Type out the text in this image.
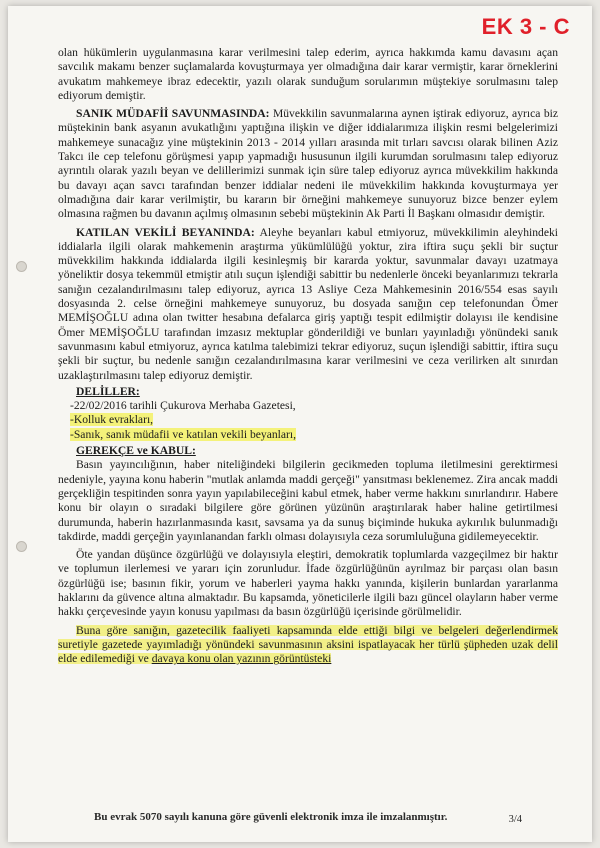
EK 3 - C

olan hükümlerin uygulanmasına karar verilmesini talep ederim, ayrıca hakkımda kamu davasını açan savcılık makamı benzer suçlamalarda kovuşturmaya yer olmadığına dair karar vermiştir, karar örneklerini avukatım mahkemeye ibraz edecektir, yazılı olarak sunduğum sorularımın müştekiye sorulmasını talep ediyorum demiştir.

SANIK MÜDAFİİ SAVUNMASINDA: Müvekkilin savunmalarına aynen iştirak ediyoruz, ayrıca biz müştekinin bank asyanın avukatlığını yaptığına ilişkin ve diğer iddialarımıza ilişkin resmi belgelerimizi mahkemeye sunacağız yine müştekinin 2013 - 2014 yılları arasında mit tırları savcısı olarak bilinen Aziz Takcı ile cep telefonu görüşmesi yapıp yapmadığı hususunun ilgili kurumdan sorulmasını talep ediyoruz ayrıntılı olarak yazılı beyan ve delillerimizi sunmak için süre talep ediyoruz ayrıca müvekkilim hakkında bu davayı açan savcı tarafından benzer iddialar nedeni ile müvekkilim hakkında kovuşturmaya yer olmadığına dair karar verilmiştir, bu kararın bir örneğini mahkemeye sunuyoruz bizce benzer eylem olmasına rağmen bu davanın açılmış olmasının sebebi müştekinin Ak Parti İl Başkanı olmasıdır demiştir.

KATILAN VEKİLİ BEYANINDA: Aleyhe beyanları kabul etmiyoruz, müvekkilimin aleyhindeki iddialarla ilgili olarak mahkemenin araştırma yükümlülüğü yoktur, zira iftira suçu şekli bir suçtur müvekkilim hakkında iddialarda ilgili kesinleşmiş bir kararda yoktur, savunmalar davayı uzatmaya yöneliktir dosya tekemmül etmiştir atılı suçun işlendiği sabittir bu nedenlerle önceki beyanlarımızı tekrarla sanığın cezalandırılmasını talep ediyoruz, ayrıca 13 Asliye Ceza Mahkemesinin 2016/554 esas sayılı dosyasında 2. celse örneğini mahkemeye sunuyoruz, bu dosyada sanığın cep telefonundan Ömer MEMİŞOĞLU adına olan twitter hesabına defalarca giriş yaptığı tespit edilmiştir dolayısı ile kendisine Ömer MEMİŞOĞLU tarafından imzasız mektuplar gönderildiği ve bunları yayınladığı yönündeki sanık savunmasını kabul etmiyoruz, ayrıca katılma talebimizi tekrar ediyoruz, suçun işlendiği sabittir, iftira suçu şekli bir suçtur, bu nedenle sanığın cezalandırılmasına karar verilmesini ve ceza verilirken alt sınırdan uzaklaştırılmasını talep ediyoruz demiştir.

DELİLLER:

-22/02/2016 tarihli Çukurova Merhaba Gazetesi,

-Kolluk evrakları,

-Sanık, sanık müdafii ve katılan vekili beyanları,

GEREKÇE ve KABUL:

Basın yayıncılığının, haber niteliğindeki bilgilerin gecikmeden topluma iletilmesini gerektirmesi nedeniyle, yayına konu haberin "mutlak anlamda maddi gerçeği" yansıtması beklenemez. Zira ancak maddi gerçekliğin tespitinden sonra yayın yapılabileceğini kabul etmek, haber verme hakkını sınırlandırır. Habere konu bir olayın o sıradaki bilgilere göre görünen yüzünün araştırılarak haber haline getirtilmesi durumunda, haberin hazırlanmasında kasıt, savsama ya da sunuş biçiminde hukuka aykırılık bulunmadığı takdirde, maddi gerçeğin yayınlanandan farklı olması dolayısıyla ceza sorumluluğuna gidilemeyecektir.

Öte yandan düşünce özgürlüğü ve dolayısıyla eleştiri, demokratik toplumlarda vazgeçilmez bir haktır ve toplumun ilerlemesi ve yararı için zorunludur. İfade özgürlüğünün ayrılmaz bir parçası olan basın özgürlüğü ise; basının fikir, yorum ve haberleri yayma hakkı yanında, kişilerin bunlardan yararlanma haklarını da güvence altına almaktadır. Bu kapsamda, yöneticilerle ilgili bazı güncel olayların haber verme hakkı çerçevesinde yayın konusu yapılması da basın özgürlüğü içerisinde görülmelidir.

Buna göre sanığın, gazetecilik faaliyeti kapsamında elde ettiği bilgi ve belgeleri değerlendirmek suretiyle gazetede yayımladığı yönündeki savunmasının aksini ispatlayacak her türlü şüpheden uzak delil elde edilemediği ve davaya konu olan yazının görüntüsteki

Bu evrak 5070 sayılı kanuna göre güvenli elektronik imza ile imzalanmıştır.	3/4
